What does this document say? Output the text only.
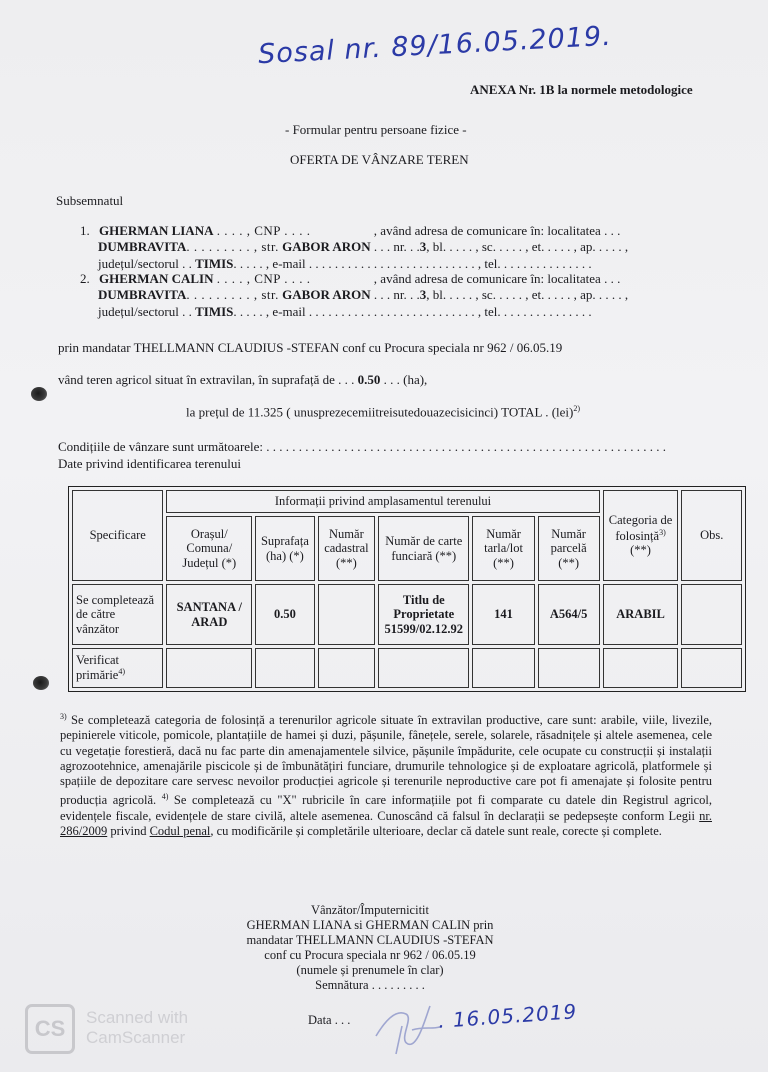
Sosal nr. 89/16.05.2019.
ANEXA Nr. 1B la normele metodologice
- Formular pentru persoane fizice -
OFERTA DE VÂNZARE TEREN
Subsemnatul
1. GHERMAN LIANA . . . . , CNP . . . .	, având adresa de comunicare în: localitatea . . .
DUMBRAVITA. . . . . . . . . , str. GABOR ARON . . . nr. . .3, bl. . . . . , sc. . . . . , et. . . . . , ap. . . . . ,
județul/sectorul . . TIMIS. . . . . , e-mail . . . . . . . . . . . . . . . . . . . . . . . . . . , tel. . . . . . . . . . . . . . .
2. GHERMAN CALIN . . . . , CNP . . . .	, având adresa de comunicare în: localitatea . . .
DUMBRAVITA. . . . . . . . . , str. GABOR ARON . . . nr. . .3, bl. . . . . , sc. . . . . , et. . . . . , ap. . . . . ,
județul/sectorul . . TIMIS. . . . . , e-mail . . . . . . . . . . . . . . . . . . . . . . . . . . , tel. . . . . . . . . . . . . . .
prin mandatar THELLMANN CLAUDIUS -STEFAN conf cu Procura speciala nr 962 / 06.05.19
vând teren agricol situat în extravilan, în suprafață de . . . 0.50 . . . (ha),
la prețul de 11.325 ( unusprezecemiitreisutedouazecisicinci) TOTAL . (lei)$^{2)}$
Condițiile de vânzare sunt următoarele: . . . . . . . . . . . . . . . . . . . . . . . . . . . . . . . . . . . . . . . . . . . . . . . . . . . . . . . . . . . . . .
Date privind identificarea terenului
Specificare	Informații privind amplasamentul terenului						Categoria de folosință$^{3)}$ (**)	Obs.
	Orașul/ Comuna/ Județul (*)	Suprafața (ha) (*)	Număr cadastral (**)	Număr de carte funciară (**)	Număr tarla/lot (**)	Număr parcelă (**)		
Se completează de către vânzător	SANTANA / ARAD	0.50		Titlu de Proprietate 51599/02.12.92	141	A564/5	ARABIL	
Verificat primărie$^{4)}$								
$^{3)}$ Se completează categoria de folosință a terenurilor agricole situate în extravilan productive, care sunt: arabile, viile, livezile, pepinierele viticole, pomicole, plantațiile de hamei și duzi, pășunile, fânețele, serele, solarele, răsadnițele și altele asemenea, cele cu vegetație forestieră, dacă nu fac parte din amenajamentele silvice, pășunile împădurite, cele ocupate cu construcții și instalații agrozootehnice, amenajările piscicole și de îmbunătățiri funciare, drumurile tehnologice și de exploatare agricolă, platformele și spațiile de depozitare care servesc nevoilor producției agricole și terenurile neproductive care pot fi amenajate și folosite pentru producția agricolă. $^{4)}$ Se completează cu "X" rubricile în care informațiile pot fi comparate cu datele din Registrul agricol, evidențele fiscale, evidențele de stare civilă, altele asemenea. Cunoscând că falsul în declarații se pedepsește conform Legii nr. 286/2009 privind Codul penal, cu modificările și completările ulterioare, declar că datele sunt reale, corecte și complete.
Vânzător/Împuternicitit
GHERMAN LIANA si GHERMAN CALIN prin
mandatar THELLMANN CLAUDIUS -STEFAN
conf cu Procura speciala nr 962 / 06.05.19
(numele și prenumele în clar)
Semnătura . . . . . . . . .
Data . . .	. 16.05.2019
CS	Scanned with
CamScanner
